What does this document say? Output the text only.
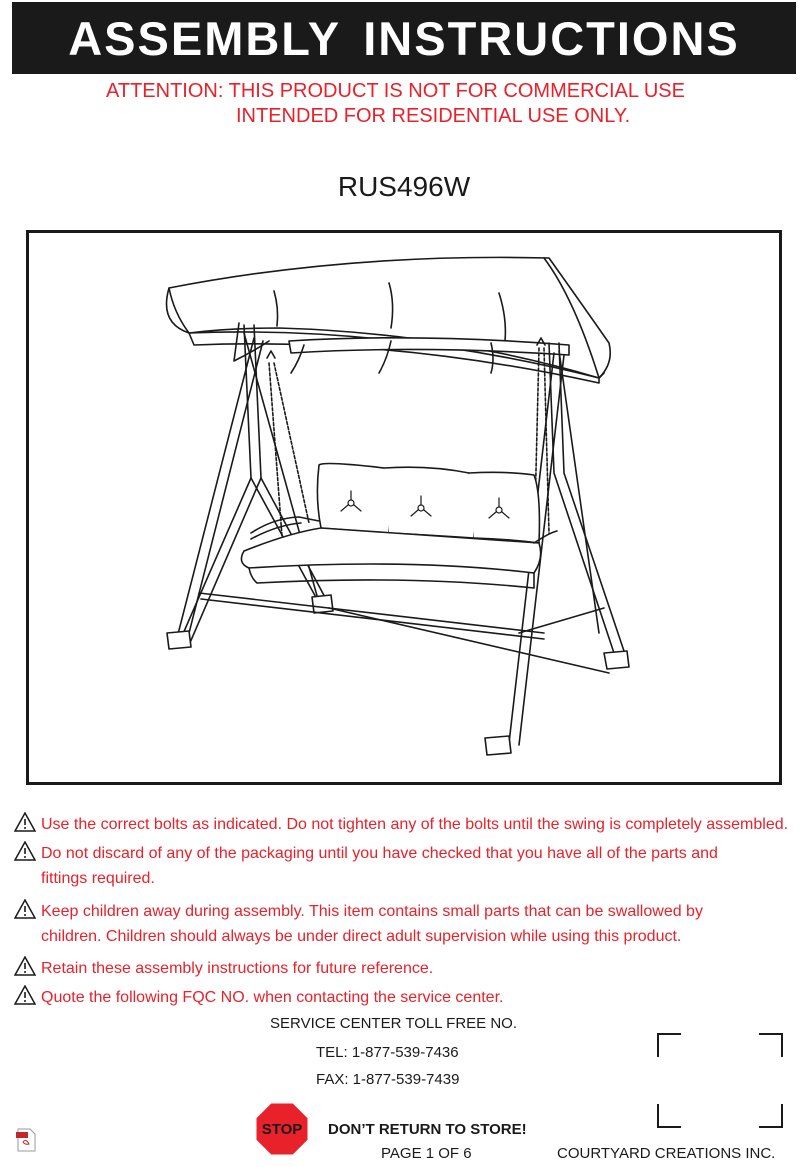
ASSEMBLY INSTRUCTIONS
ATTENTION: THIS PRODUCT IS NOT FOR COMMERCIAL USE
INTENDED FOR RESIDENTIAL USE ONLY.
RUS496W
Use the correct bolts as indicated. Do not tighten any of the bolts until the swing is completely assembled.
Do not discard of any of the packaging until you have checked that you have all of the parts and
fittings required.
Keep children away during assembly. This item contains small parts that can be swallowed by
children. Children should always be under direct adult supervision while using this product.
Retain these assembly instructions for future reference.
Quote the following FQC NO. when contacting the service center.
SERVICE CENTER TOLL FREE NO.
TEL: 1-877-539-7436
FAX: 1-877-539-7439
STOP	DON’T RETURN TO STORE!
PAGE 1 OF 6	COURTYARD CREATIONS INC.
